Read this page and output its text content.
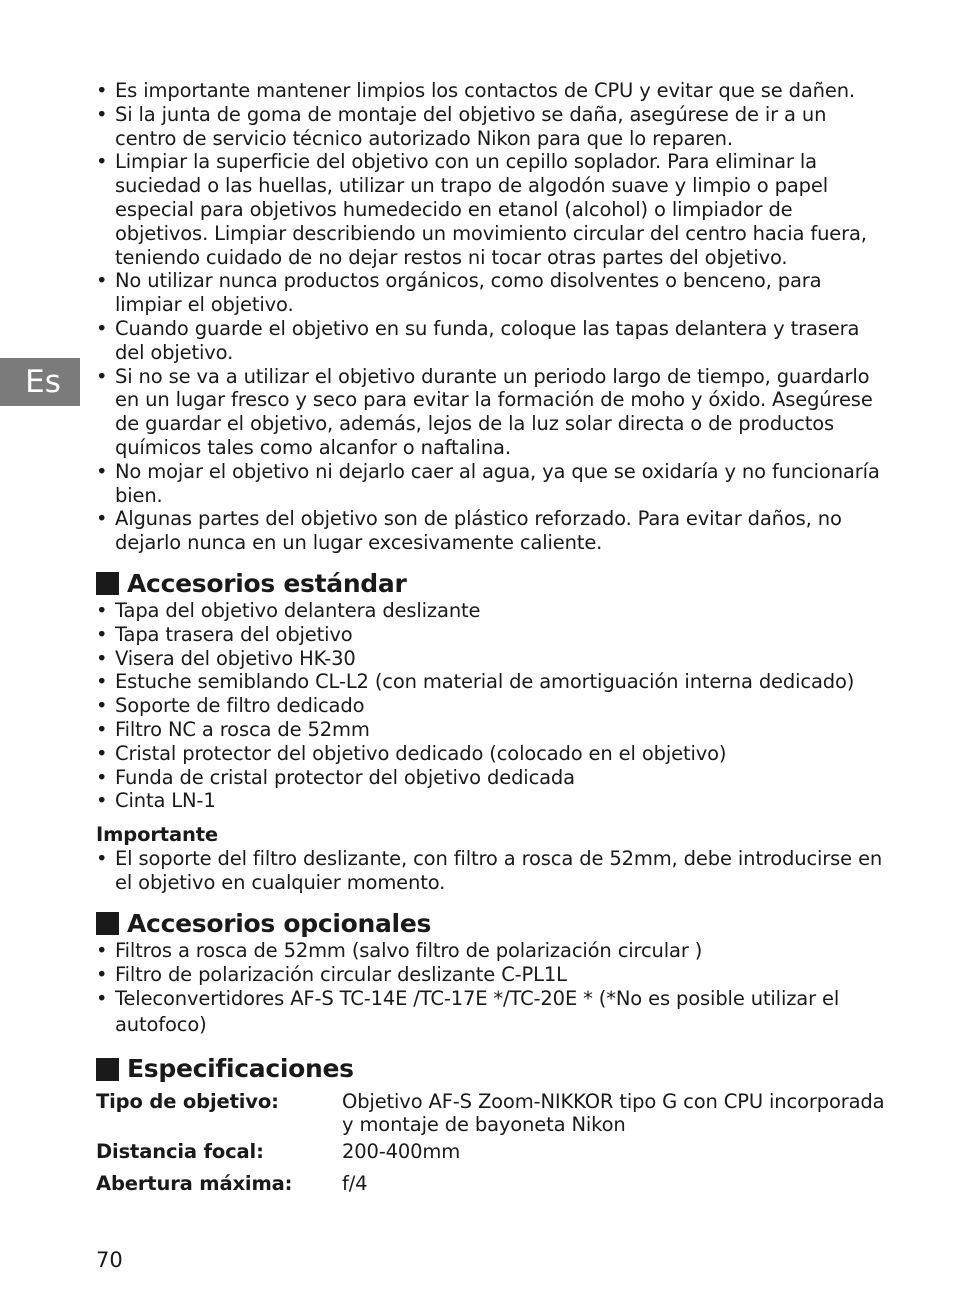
Es
• Es importante mantener limpios los contactos de CPU y evitar que se dañen.
• Si la junta de goma de montaje del objetivo se daña, asegúrese de ir a un centro de servicio técnico autorizado Nikon para que lo reparen.
• Limpiar la superficie del objetivo con un cepillo soplador. Para eliminar la suciedad o las huellas, utilizar un trapo de algodón suave y limpio o papel especial para objetivos humedecido en etanol (alcohol) o limpiador de objetivos. Limpiar describiendo un movimiento circular del centro hacia fuera, teniendo cuidado de no dejar restos ni tocar otras partes del objetivo.
• No utilizar nunca productos orgánicos, como disolventes o benceno, para limpiar el objetivo.
• Cuando guarde el objetivo en su funda, coloque las tapas delantera y trasera del objetivo.
• Si no se va a utilizar el objetivo durante un periodo largo de tiempo, guardarlo en un lugar fresco y seco para evitar la formación de moho y óxido. Asegúrese de guardar el objetivo, además, lejos de la luz solar directa o de productos químicos tales como alcanfor o naftalina.
• No mojar el objetivo ni dejarlo caer al agua, ya que se oxidaría y no funcionaría bien.
• Algunas partes del objetivo son de plástico reforzado. Para evitar daños, no dejarlo nunca en un lugar excesivamente caliente.
Accesorios estándar
• Tapa del objetivo delantera deslizante
• Tapa trasera del objetivo
• Visera del objetivo HK-30
• Estuche semiblando CL-L2 (con material de amortiguación interna dedicado)
• Soporte de filtro dedicado
• Filtro NC a rosca de 52mm
• Cristal protector del objetivo dedicado (colocado en el objetivo)
• Funda de cristal protector del objetivo dedicada
• Cinta LN-1
Importante
• El soporte del filtro deslizante, con filtro a rosca de 52mm, debe introducirse en el objetivo en cualquier momento.
Accesorios opcionales
• Filtros a rosca de 52mm (salvo filtro de polarización circular )
• Filtro de polarización circular deslizante C-PL1L
• Teleconvertidores AF-S TC-14E /TC-17E */TC-20E * (*No es posible utilizar el autofoco)
Especificaciones
Tipo de objetivo:	Objetivo AF-S Zoom-NIKKOR tipo G con CPU incorporada y montaje de bayoneta Nikon
Distancia focal:	200-400mm
Abertura máxima:	f/4
70
